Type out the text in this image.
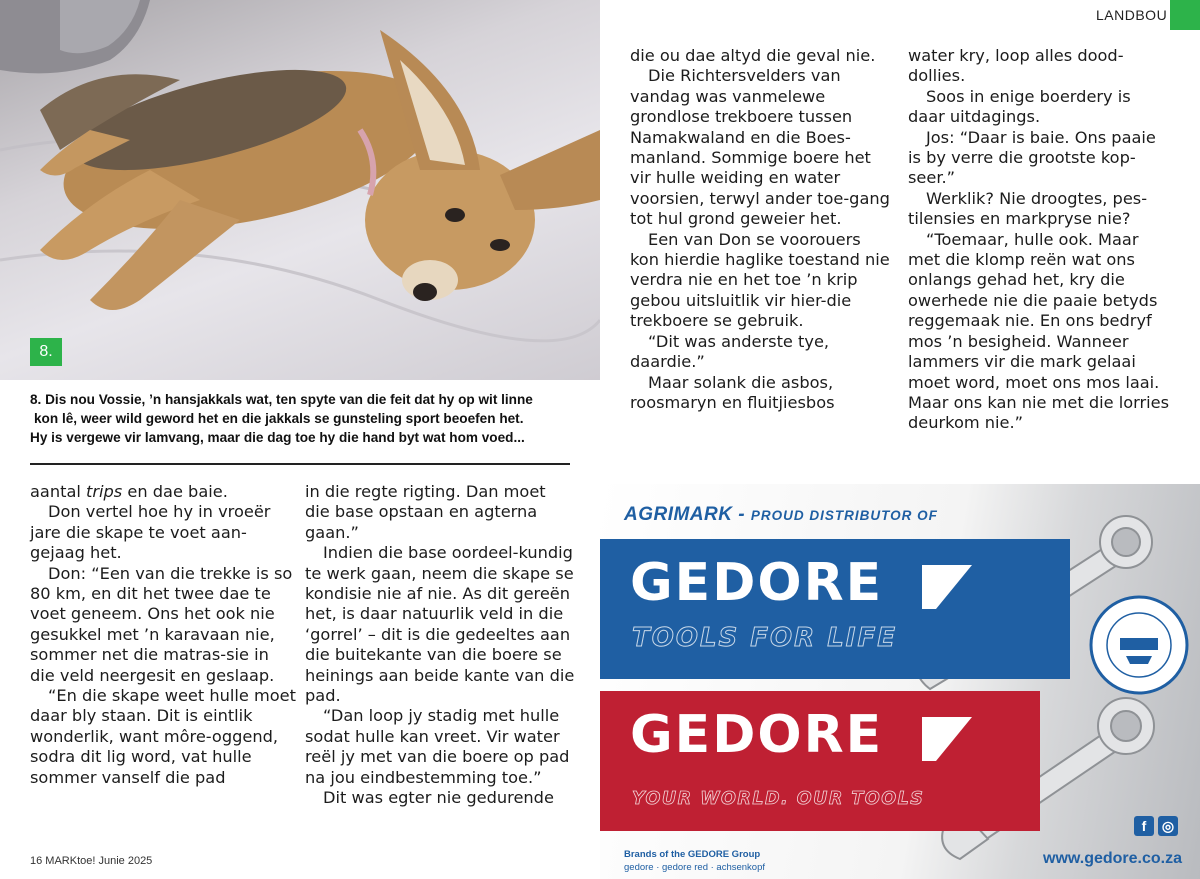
8.
8. Dis nou Vossie, ’n hansjakkals wat, ten spyte van die feit dat hy op wit linne
kon lê, weer wild geword het en die jakkals se gunsteling sport beoefen het.
Hy is vergewe vir lamvang, maar die dag toe hy die hand byt wat hom voed...

aantal trips en dae baie.

Don vertel hoe hy in vroeër jare die skape te voet aan-gejaag het.

Don: “Een van die trekke is so 80 km, en dit het twee dae te voet geneem. Ons het ook nie gesukkel met ’n karavaan nie, sommer net die matras-sie in die veld neergesit en geslaap.

“En die skape weet hulle moet daar bly staan. Dit is eintlik wonderlik, want môre-oggend, sodra dit lig word, vat hulle sommer vanself die pad

in die regte rigting. Dan moet die base opstaan en agterna gaan.”

Indien die base oordeel-kundig te werk gaan, neem die skape se kondisie nie af nie. As dit gereën het, is daar natuurlik veld in die ‘gorrel’ – dit is die gedeeltes aan die buitekante van die boere se heinings aan beide kante van die pad.

“Dan loop jy stadig met hulle sodat hulle kan vreet. Vir water reël jy met van die boere op pad na jou eindbestemming toe.”

Dit was egter nie gedurende

16 MARKtoe! Junie 2025
LANDBOU

die ou dae altyd die geval nie.

Die Richtersvelders van vandag was vanmelewe grondlose trekboere tussen Namakwaland en die Boes-manland. Sommige boere het vir hulle weiding en water voorsien, terwyl ander toe-gang tot hul grond geweier het.

Een van Don se voorouers kon hierdie haglike toestand nie verdra nie en het toe ’n krip gebou uitsluitlik vir hier-die trekboere se gebruik.

“Dit was anderste tye, daardie.”

Maar solank die asbos, roosmaryn en fluitjiesbos

water kry, loop alles dood-dollies.

Soos in enige boerdery is daar uitdagings.

Jos: “Daar is baie. Ons paaie is by verre die grootste kop-seer.”

Werklik? Nie droogtes, pes-tilensies en markpryse nie?

“Toemaar, hulle ook. Maar met die klomp reën wat ons onlangs gehad het, kry die owerhede nie die paaie betyds reggemaak nie. En ons bedryf mos ’n besigheid. Wanneer lammers vir die mark gelaai moet word, moet ons mos laai. Maar ons kan nie met die lorries deurkom nie.”

AGRIMARK - PROUD DISTRIBUTOR OF
GEDORE
TOOLS FOR LIFE
GEDORE
YOUR WORLD. OUR TOOLS
f	◎
Brands of the GEDORE Group
gedore · gedore red · achsenkopf
www.gedore.co.za
